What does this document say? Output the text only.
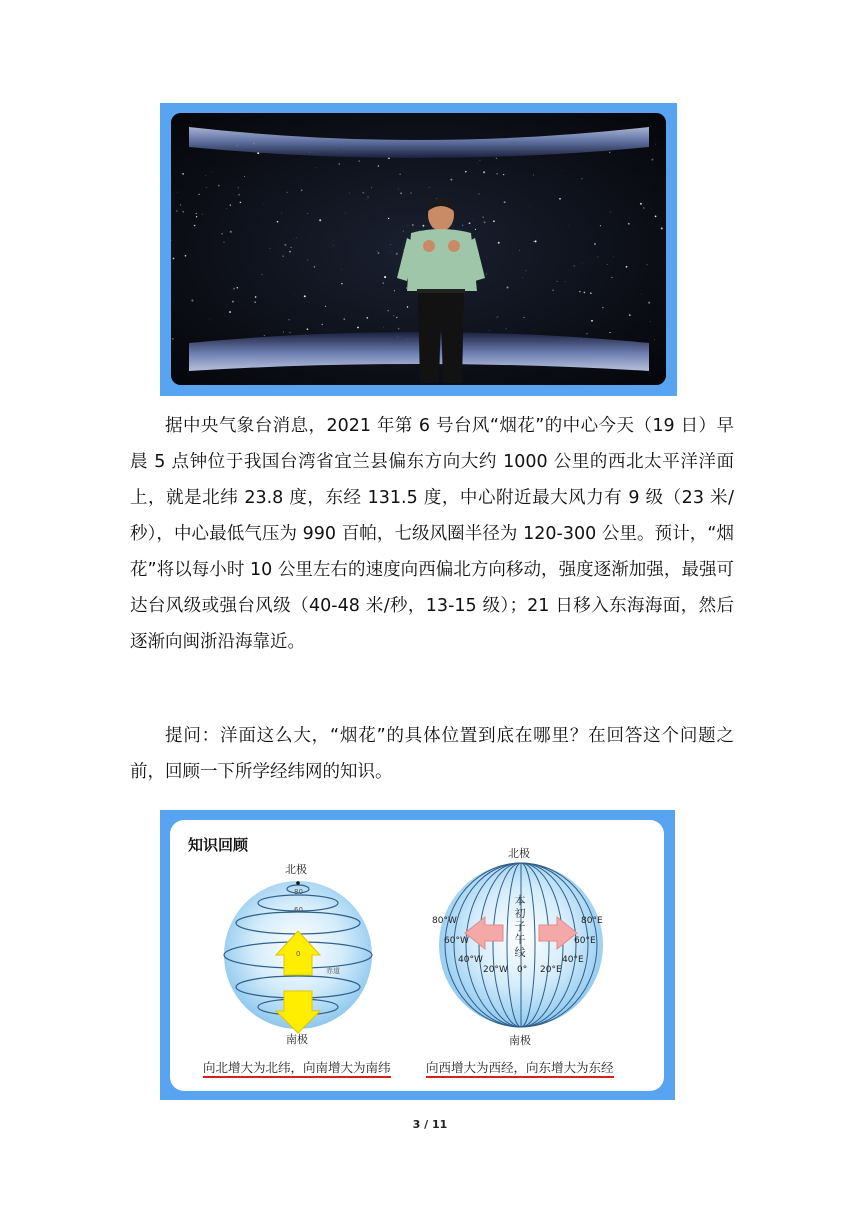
据中央气象台消息，2021 年第 6 号台风“烟花”的中心今天（19 日）早晨 5 点钟位于我国台湾省宜兰县偏东方向大约 1000 公里的西北太平洋洋面上，就是北纬 23.8 度，东经 131.5 度，中心附近最大风力有 9 级（23 米/秒），中心最低气压为 990 百帕，七级风圈半径为 120-300 公里。预计，“烟花”将以每小时 10 公里左右的速度向西偏北方向移动，强度逐渐加强，最强可达台风级或强台风级（40-48 米/秒，13-15 级）；21 日移入东海海面，然后逐渐向闽浙沿海靠近。

提问：洋面这么大，“烟花”的具体位置到底在哪里？在回答这个问题之前，回顾一下所学经纬网的知识。

知识回顾
北极
南极
80
60
0
赤道
向北增大为北纬，向南增大为南纬
北极
南极
本初子午线
80°W
60°W
40°W
20°W 0° 20°E
40°E
60°E
80°E
向西增大为西经，向东增大为东经
3 / 11
